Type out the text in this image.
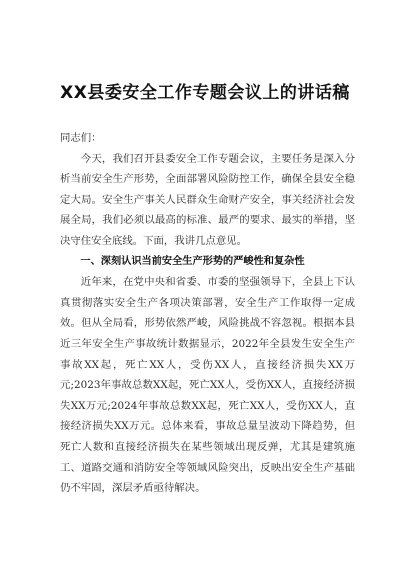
XX县委安全工作专题会议上的讲话稿

同志们：

今天，我们召开县委安全工作专题会议，主要任务是深入分析当前安全生产形势，全面部署风险防控工作，确保全县安全稳定大局。安全生产事关人民群众生命财产安全，事关经济社会发展全局，我们必须以最高的标准、最严的要求、最实的举措，坚决守住安全底线。下面，我讲几点意见。

一、深刻认识当前安全生产形势的严峻性和复杂性

近年来，在党中央和省委、市委的坚强领导下，全县上下认真贯彻落实安全生产各项决策部署，安全生产工作取得一定成效。但从全局看，形势依然严峻，风险挑战不容忽视。根据本县近三年安全生产事故统计数据显示，2022年全县发生安全生产事故XX起，死亡XX人，受伤XX人，直接经济损失XX万元;2023年事故总数XX起，死亡XX人，受伤XX人，直接经济损失XX万元;2024年事故总数XX起，死亡XX人，受伤XX人，直接经济损失XX万元。总体来看，事故总量呈波动下降趋势，但死亡人数和直接经济损失在某些领域出现反弹，尤其是建筑施工、道路交通和消防安全等领域风险突出，反映出安全生产基础仍不牢固，深层矛盾亟待解决。
